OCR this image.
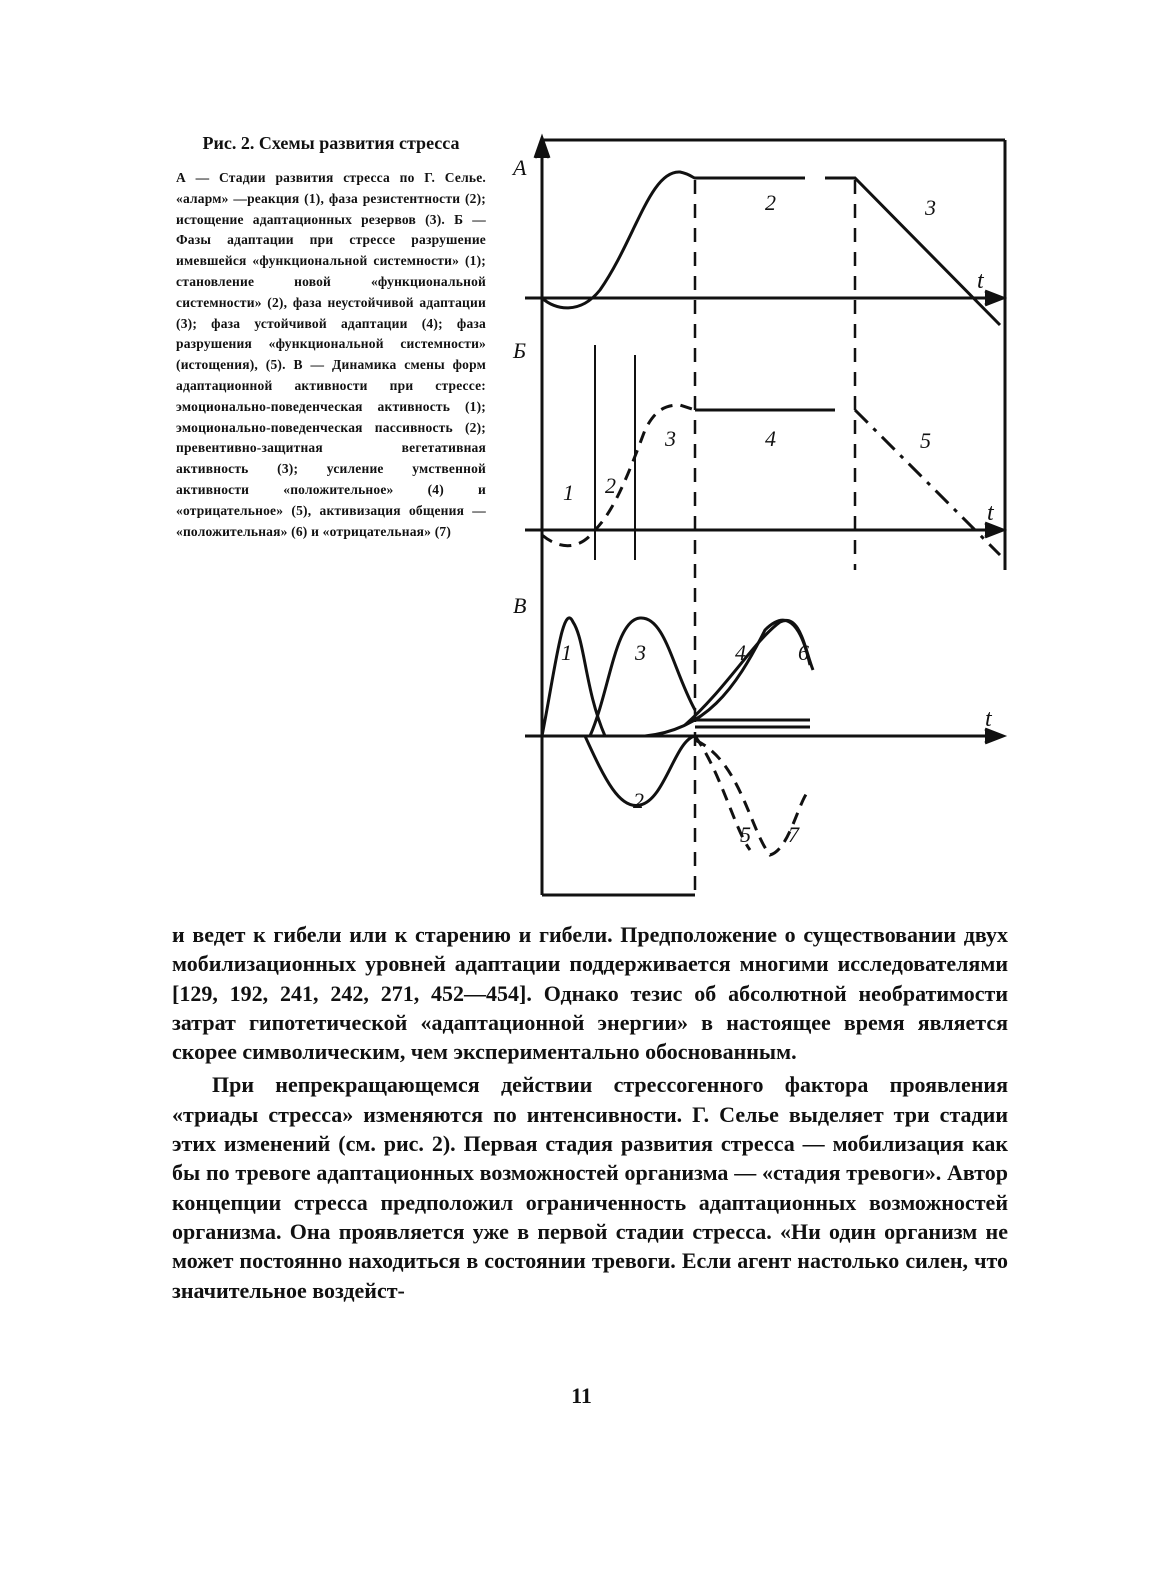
Рис. 2. Схемы развития стресса
А — Стадии развития стресса по Г. Селье. «аларм» —реакция (1), фаза резистентности (2); истощение адаптационных резервов (3). Б — Фазы адаптации при стрессе разрушение имевшейся «функциональной системности» (1); становление новой «функциональной системности» (2), фаза неустойчивой адаптации (3); фаза устойчивой адаптации (4); фаза разрушения «функциональной системности» (истощения), (5). В — Динамика смены форм адаптационной активности при стрессе: эмоционально-поведенческая активность (1); эмоционально-поведенческая пассивность (2); превентивно-защитная вегетативная активность (3); усиление умственной активности «положительное» (4) и «отрицательное» (5), активизация общения — «положительная» (6) и «отрицательная» (7)
А
t
2	3
Б
t
1 2
3	4	5
В
t
1
2
3	4
5
6
7

и ведет к гибели или к старению и гибели. Предположение о существовании двух мобилизационных уровней адаптации поддерживается многими исследователями [129, 192, 241, 242, 271, 452—454]. Однако тезис об абсолютной необратимости затрат гипотетической «адаптационной энергии» в настоящее время является скорее символическим, чем экспериментально обоснованным.

При непрекращающемся действии стрессогенного фактора проявления «триады стресса» изменяются по интенсивности. Г. Селье выделяет три стадии этих изменений (см. рис. 2). Первая стадия развития стресса — мобилизация как бы по тревоге адаптационных возможностей организма — «стадия тревоги». Автор концепции стресса предположил ограниченность адаптационных возможностей организма. Она проявляется уже в первой стадии стресса. «Ни один организм не может постоянно находиться в состоянии тревоги. Если агент настолько силен, что значительное воздейст-

11
